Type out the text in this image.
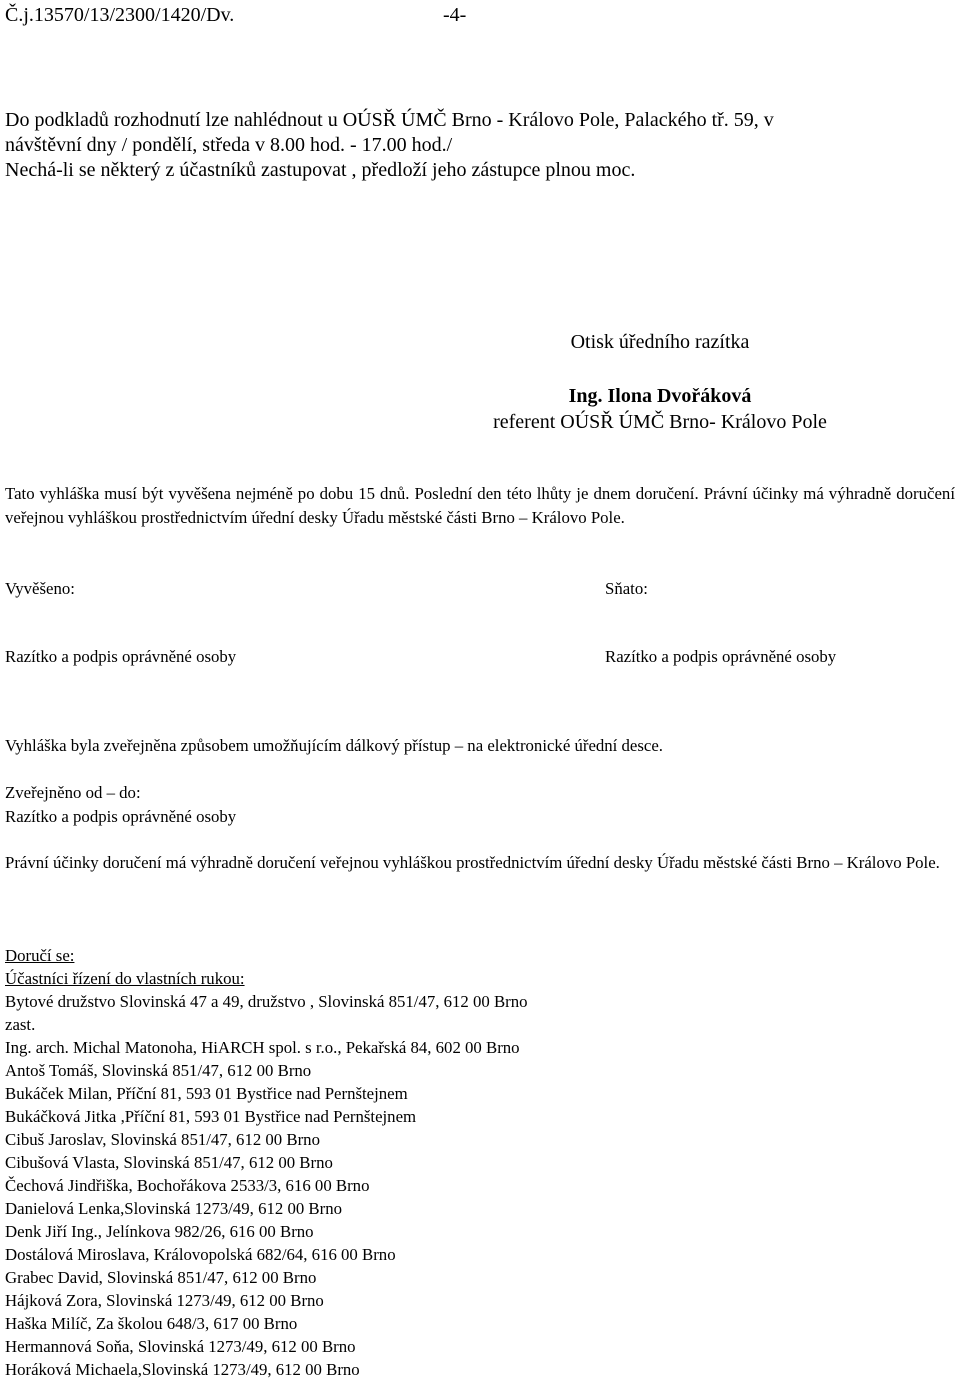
Č.j.13570/13/2300/1420/Dv.	-4-
Do podkladů rozhodnutí lze nahlédnout u OÚSŘ ÚMČ Brno - Královo Pole, Palackého tř. 59, v
návštěvní dny / pondělí, středa v 8.00 hod. - 17.00 hod./
Nechá-li se některý z účastníků zastupovat , předloží jeho zástupce plnou moc.
Otisk úředního razítka
Ing. Ilona Dvořáková
referent OÚSŘ ÚMČ Brno- Královo Pole
Tato vyhláška musí být vyvěšena nejméně po dobu 15 dnů. Poslední den této lhůty je dnem doručení. Právní účinky má výhradně doručení veřejnou vyhláškou prostřednictvím úřední desky Úřadu městské části Brno – Královo Pole.
Vyvěšeno:
Razítko a podpis oprávněné osoby
Sňato:
Razítko a podpis oprávněné osoby
Vyhláška byla zveřejněna způsobem umožňujícím dálkový přístup – na elektronické úřední desce.
Zveřejněno od – do:
Razítko a podpis oprávněné osoby
Právní účinky doručení má výhradně doručení veřejnou vyhláškou prostřednictvím úřední desky Úřadu městské části Brno – Královo Pole.
Doručí se:
Účastníci řízení do vlastních rukou:
Bytové družstvo Slovinská 47 a 49, družstvo , Slovinská 851/47, 612 00 Brno
zast.
Ing. arch. Michal Matonoha, HiARCH spol. s r.o., Pekařská 84, 602 00 Brno
Antoš Tomáš, Slovinská 851/47, 612 00 Brno
Bukáček Milan, Příční 81, 593 01 Bystřice nad Pernštejnem
Bukáčková Jitka ,Příční 81, 593 01 Bystřice nad Pernštejnem
Cibuš Jaroslav, Slovinská 851/47, 612 00 Brno
Cibušová Vlasta, Slovinská 851/47, 612 00 Brno
Čechová Jindřiška, Bochořákova 2533/3, 616 00 Brno
Danielová Lenka,Slovinská 1273/49, 612 00 Brno
Denk Jiří Ing., Jelínkova 982/26, 616 00 Brno
Dostálová Miroslava, Královopolská 682/64, 616 00 Brno
Grabec David, Slovinská 851/47, 612 00 Brno
Hájková Zora, Slovinská 1273/49, 612 00 Brno
Haška Milíč, Za školou 648/3, 617 00 Brno
Hermannová Soňa, Slovinská 1273/49, 612 00 Brno
Horáková Michaela,Slovinská 1273/49, 612 00 Brno
